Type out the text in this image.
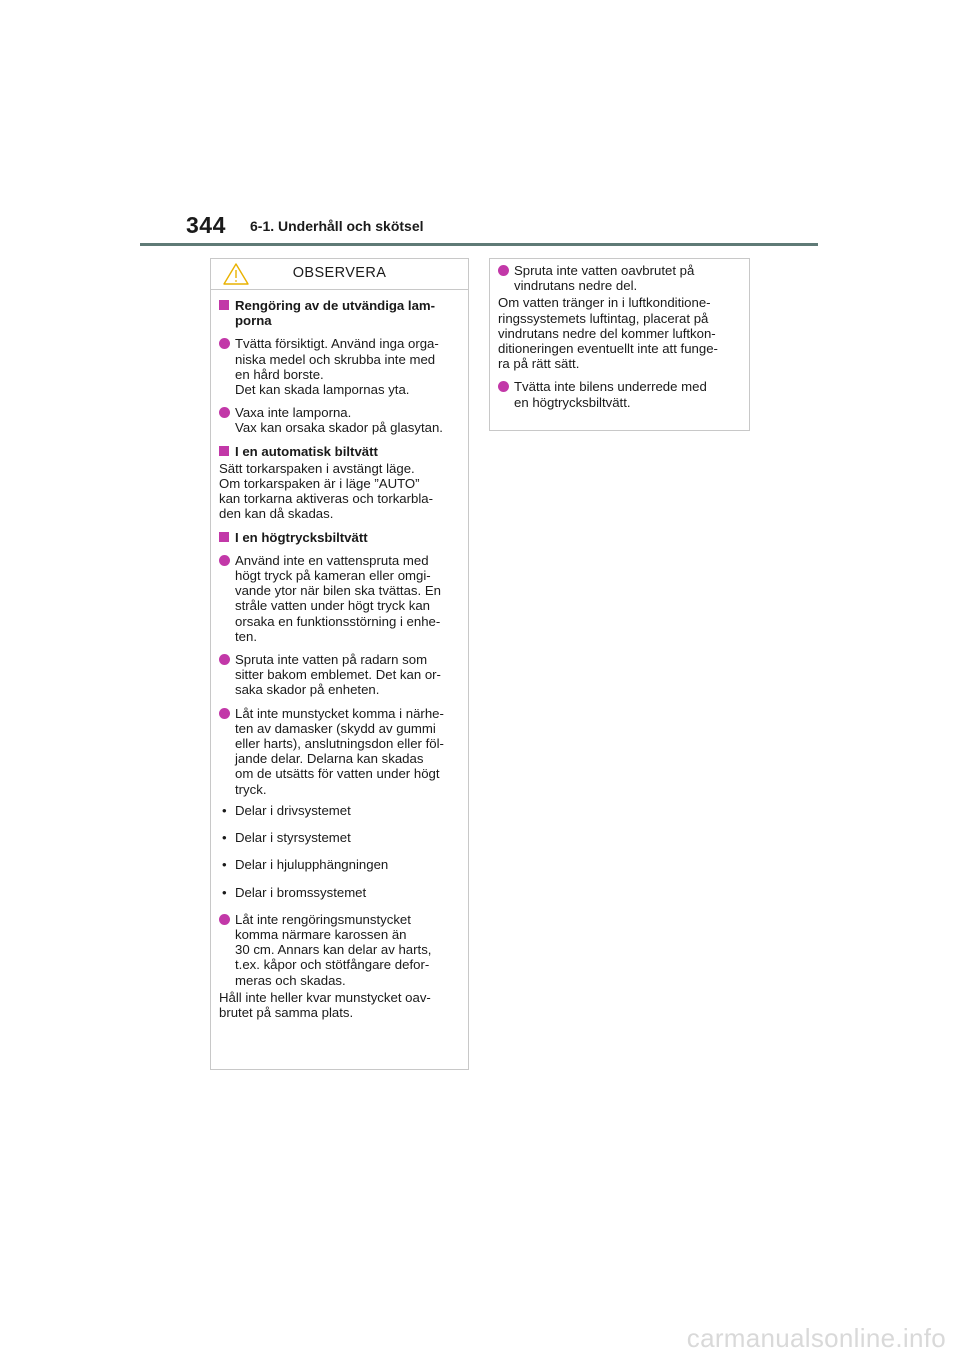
344 6-1. Underhåll och skötsel
OBSERVERA
Rengöring av de utvändiga lam-
porna
Tvätta försiktigt. Använd inga orga-
niska medel och skrubba inte med
en hård borste.
Det kan skada lampornas yta.
Vaxa inte lamporna.
Vax kan orsaka skador på glasytan.
I en automatisk biltvätt
Sätt torkarspaken i avstängt läge.
Om torkarspaken är i läge ”AUTO”
kan torkarna aktiveras och torkarbla-
den kan då skadas.
I en högtrycksbiltvätt
Använd inte en vattenspruta med
högt tryck på kameran eller omgi-
vande ytor när bilen ska tvättas. En
stråle vatten under högt tryck kan
orsaka en funktionsstörning i enhe-
ten.
Spruta inte vatten på radarn som
sitter bakom emblemet. Det kan or-
saka skador på enheten.
Låt inte munstycket komma i närhe-
ten av damasker (skydd av gummi
eller harts), anslutningsdon eller föl-
jande delar. Delarna kan skadas
om de utsätts för vatten under högt
tryck.
• Delar i drivsystemet
• Delar i styrsystemet
• Delar i hjulupphängningen
• Delar i bromssystemet
Låt inte rengöringsmunstycket
komma närmare karossen än
30 cm. Annars kan delar av harts,
t.ex. kåpor och stötfångare defor-
meras och skadas.
Håll inte heller kvar munstycket oav-
brutet på samma plats.
Spruta inte vatten oavbrutet på
vindrutans nedre del.
Om vatten tränger in i luftkonditione-
ringssystemets luftintag, placerat på
vindrutans nedre del kommer luftkon-
ditioneringen eventuellt inte att funge-
ra på rätt sätt.
Tvätta inte bilens underrede med
en högtrycksbiltvätt.
carmanualsonline.info
